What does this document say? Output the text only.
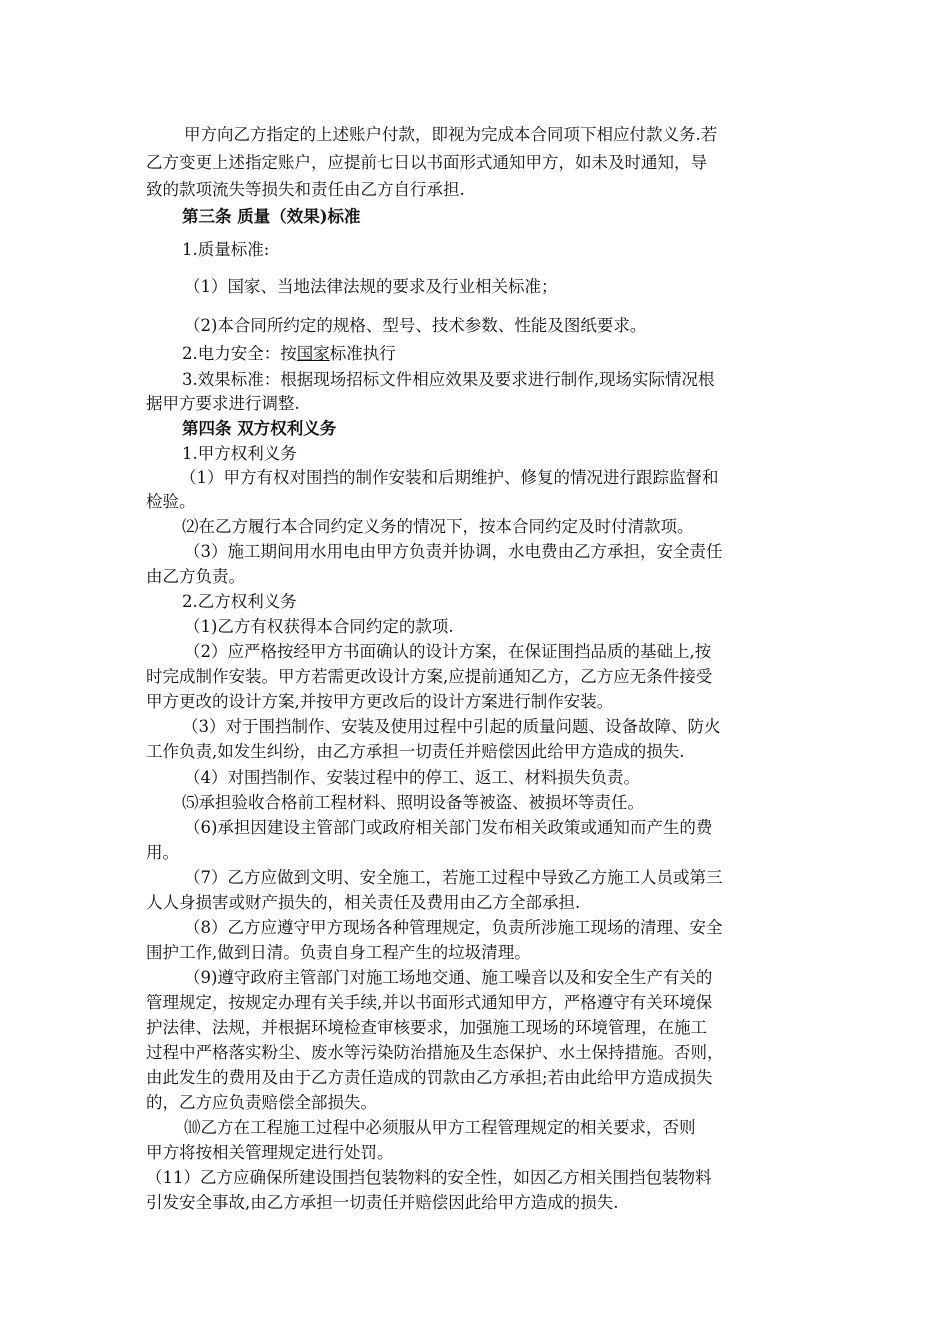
甲方向乙方指定的上述账户付款，即视为完成本合同项下相应付款义务.若
乙方变更上述指定账户，应提前七日以书面形式通知甲方，如未及时通知，导
致的款项流失等损失和责任由乙方自行承担.
第三条 质量（效果)标准
1.质量标准:
（1）国家、当地法律法规的要求及行业相关标准；
（2)本合同所约定的规格、型号、技术参数、性能及图纸要求。
2.电力安全：按国家标准执行
3.效果标准：根据现场招标文件相应效果及要求进行制作,现场实际情况根
据甲方要求进行调整.
第四条 双方权利义务
1.甲方权利义务
（1）甲方有权对围挡的制作安装和后期维护、修复的情况进行跟踪监督和
检验。
⑵在乙方履行本合同约定义务的情况下，按本合同约定及时付清款项。
（3）施工期间用水用电由甲方负责并协调，水电费由乙方承担，安全责任
由乙方负责。
2.乙方权利义务
（1)乙方有权获得本合同约定的款项.
（2）应严格按经甲方书面确认的设计方案，在保证围挡品质的基础上,按
时完成制作安装。甲方若需更改设计方案,应提前通知乙方，乙方应无条件接受
甲方更改的设计方案,并按甲方更改后的设计方案进行制作安装。
（3）对于围挡制作、安装及使用过程中引起的质量问题、设备故障、防火
工作负责,如发生纠纷，由乙方承担一切责任并赔偿因此给甲方造成的损失.
（4）对围挡制作、安装过程中的停工、返工、材料损失负责。
⑸承担验收合格前工程材料、照明设备等被盗、被损坏等责任。
（6)承担因建设主管部门或政府相关部门发布相关政策或通知而产生的费
用。
（7）乙方应做到文明、安全施工，若施工过程中导致乙方施工人员或第三
人人身损害或财产损失的，相关责任及费用由乙方全部承担.
（8）乙方应遵守甲方现场各种管理规定，负责所涉施工现场的清理、安全
围护工作,做到日清。负责自身工程产生的垃圾清理。
（9)遵守政府主管部门对施工场地交通、施工噪音以及和安全生产有关的
管理规定，按规定办理有关手续,并以书面形式通知甲方，严格遵守有关环境保
护法律、法规，并根据环境检查审核要求，加强施工现场的环境管理，在施工
过程中严格落实粉尘、废水等污染防治措施及生态保护、水土保持措施。否则，
由此发生的费用及由于乙方责任造成的罚款由乙方承担;若由此给甲方造成损失
的，乙方应负责赔偿全部损失。
⑽乙方在工程施工过程中必须服从甲方工程管理规定的相关要求，否则
甲方将按相关管理规定进行处罚。
（11）乙方应确保所建设围挡包装物料的安全性，如因乙方相关围挡包装物料
引发安全事故,由乙方承担一切责任并赔偿因此给甲方造成的损失.
